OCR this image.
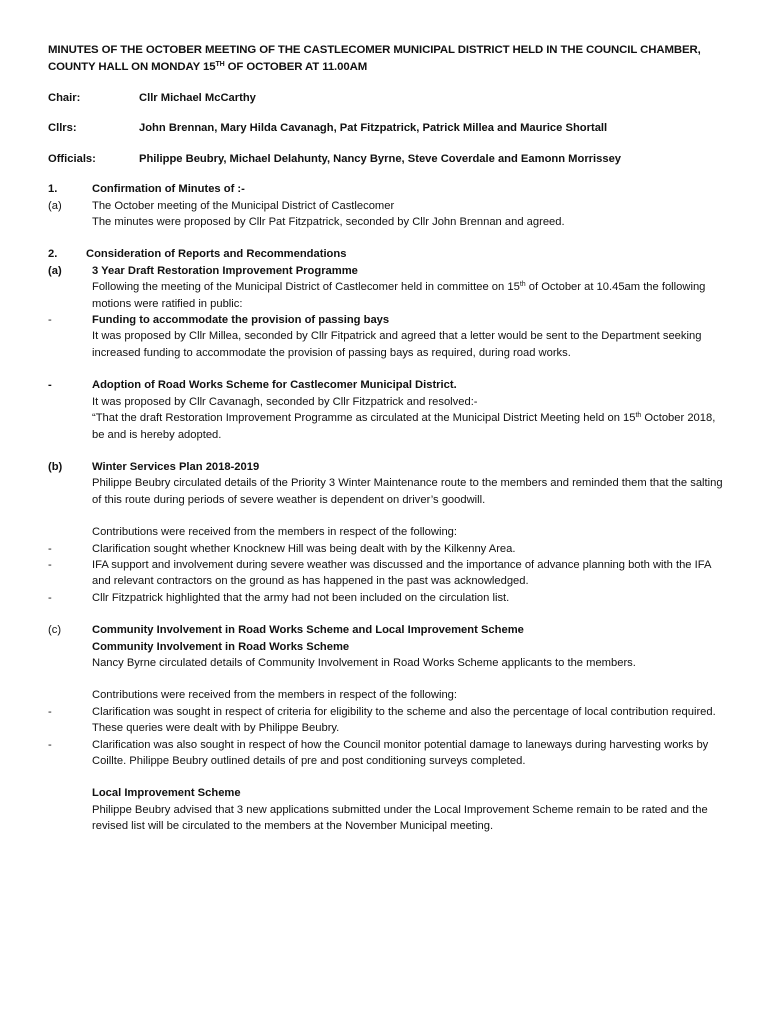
MINUTES OF THE OCTOBER MEETING OF THE CASTLECOMER MUNICIPAL DISTRICT HELD IN THE COUNCIL CHAMBER, COUNTY HALL ON MONDAY 15TH OF OCTOBER AT 11.00AM
Chair:	Cllr Michael McCarthy
Cllrs:	John Brennan, Mary Hilda Cavanagh, Pat Fitzpatrick, Patrick Millea and Maurice Shortall
Officials:	Philippe Beubry, Michael Delahunty, Nancy Byrne, Steve Coverdale and Eamonn Morrissey
1.	Confirmation of Minutes of :-
(a)	The October meeting of the Municipal District of Castlecomer
The minutes were proposed by Cllr Pat Fitzpatrick, seconded by Cllr John Brennan and agreed.
2.	Consideration of Reports and Recommendations
(a)	3 Year Draft Restoration Improvement Programme
Following the meeting of the Municipal District of Castlecomer held in committee on 15th of October at 10.45am the following motions were ratified in public:
-	Funding to accommodate the provision of passing bays
It was proposed by Cllr Millea, seconded by Cllr Fitpatrick and agreed that a letter would be sent to the Department seeking increased funding to accommodate the provision of passing bays as required, during road works.
-	Adoption of Road Works Scheme for Castlecomer Municipal District.
It was proposed by Cllr Cavanagh, seconded by Cllr Fitzpatrick and resolved:-
“That the draft Restoration Improvement Programme as circulated at the Municipal District Meeting held on 15th October 2018, be and is hereby adopted.
(b)	Winter Services Plan 2018-2019
Philippe Beubry circulated details of the Priority 3 Winter Maintenance route to the members and reminded them that the salting of this route during periods of severe weather is dependent on driver’s goodwill.
Contributions were received from the members in respect of the following:
-	Clarification sought whether Knocknew Hill was being dealt with by the Kilkenny Area.
-	IFA support and involvement during severe weather was discussed and the importance of advance planning both with the IFA and relevant contractors on the ground as has happened in the past was acknowledged.
-	Cllr Fitzpatrick highlighted that the army had not been included on the circulation list.
(c)	Community Involvement in Road Works Scheme and Local Improvement Scheme
Community Involvement in Road Works Scheme
Nancy Byrne circulated details of Community Involvement in Road Works Scheme applicants to the members.
Contributions were received from the members in respect of the following:
-	Clarification was sought in respect of criteria for eligibility to the scheme and also the percentage of local contribution required. These queries were dealt with by Philippe Beubry.
-	Clarification was also sought in respect of how the Council monitor potential damage to laneways during harvesting works by Coillte. Philippe Beubry outlined details of pre and post conditioning surveys completed.
Local Improvement Scheme
Philippe Beubry advised that 3 new applications submitted under the Local Improvement Scheme remain to be rated and the revised list will be circulated to the members at the November Municipal meeting.
